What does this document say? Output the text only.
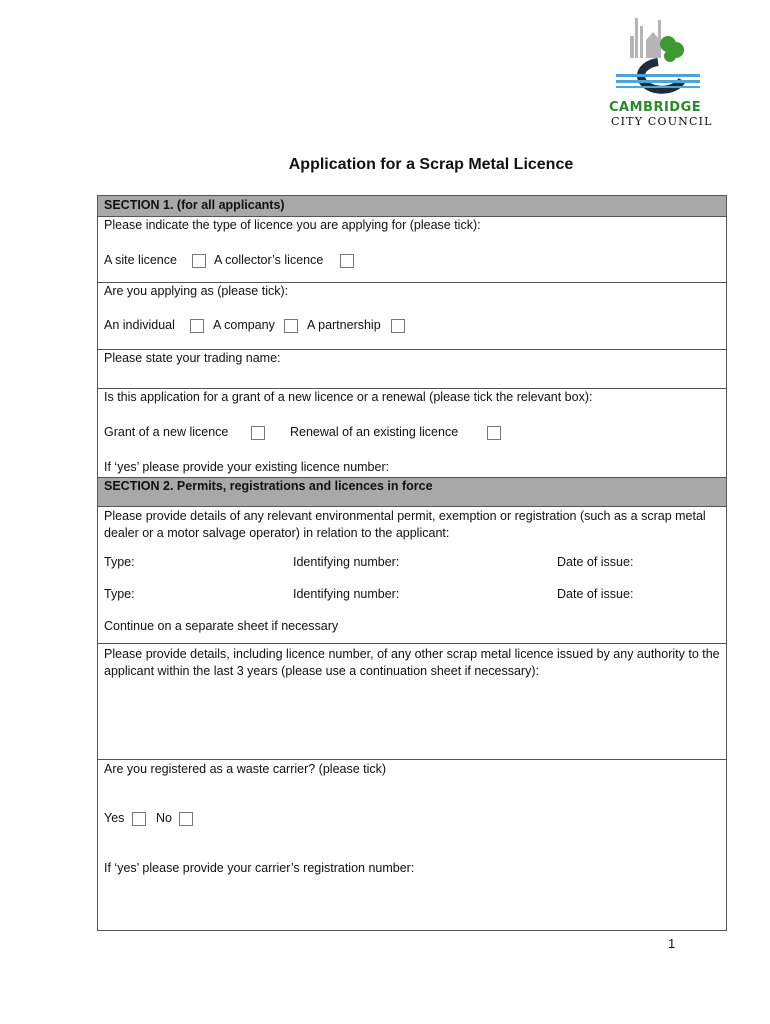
CAMBRIDGE
CITY COUNCIL
Application for a Scrap Metal Licence
SECTION 1. (for all applicants)
Please indicate the type of licence you are applying for (please tick):
A site licence	A collector’s licence
Are you applying as (please tick):
An individual	A company	A partnership
Please state your trading name:
Is this application for a grant of a new licence or a renewal (please tick the relevant box):
Grant of a new licence	Renewal of an existing licence
If ‘yes’ please provide your existing licence number:
SECTION 2. Permits, registrations and licences in force
Please provide details of any relevant environmental permit, exemption or registration (such as a scrap metal dealer or a motor salvage operator) in relation to the applicant:
Type:	Identifying number:	Date of issue:
Type:	Identifying number:	Date of issue:
Continue on a separate sheet if necessary
Please provide details, including licence number, of any other scrap metal licence issued by any authority to the applicant within the last 3 years (please use a continuation sheet if necessary):
Are you registered as a waste carrier? (please tick)
Yes	No
If ‘yes’ please provide your carrier’s registration number:
1
